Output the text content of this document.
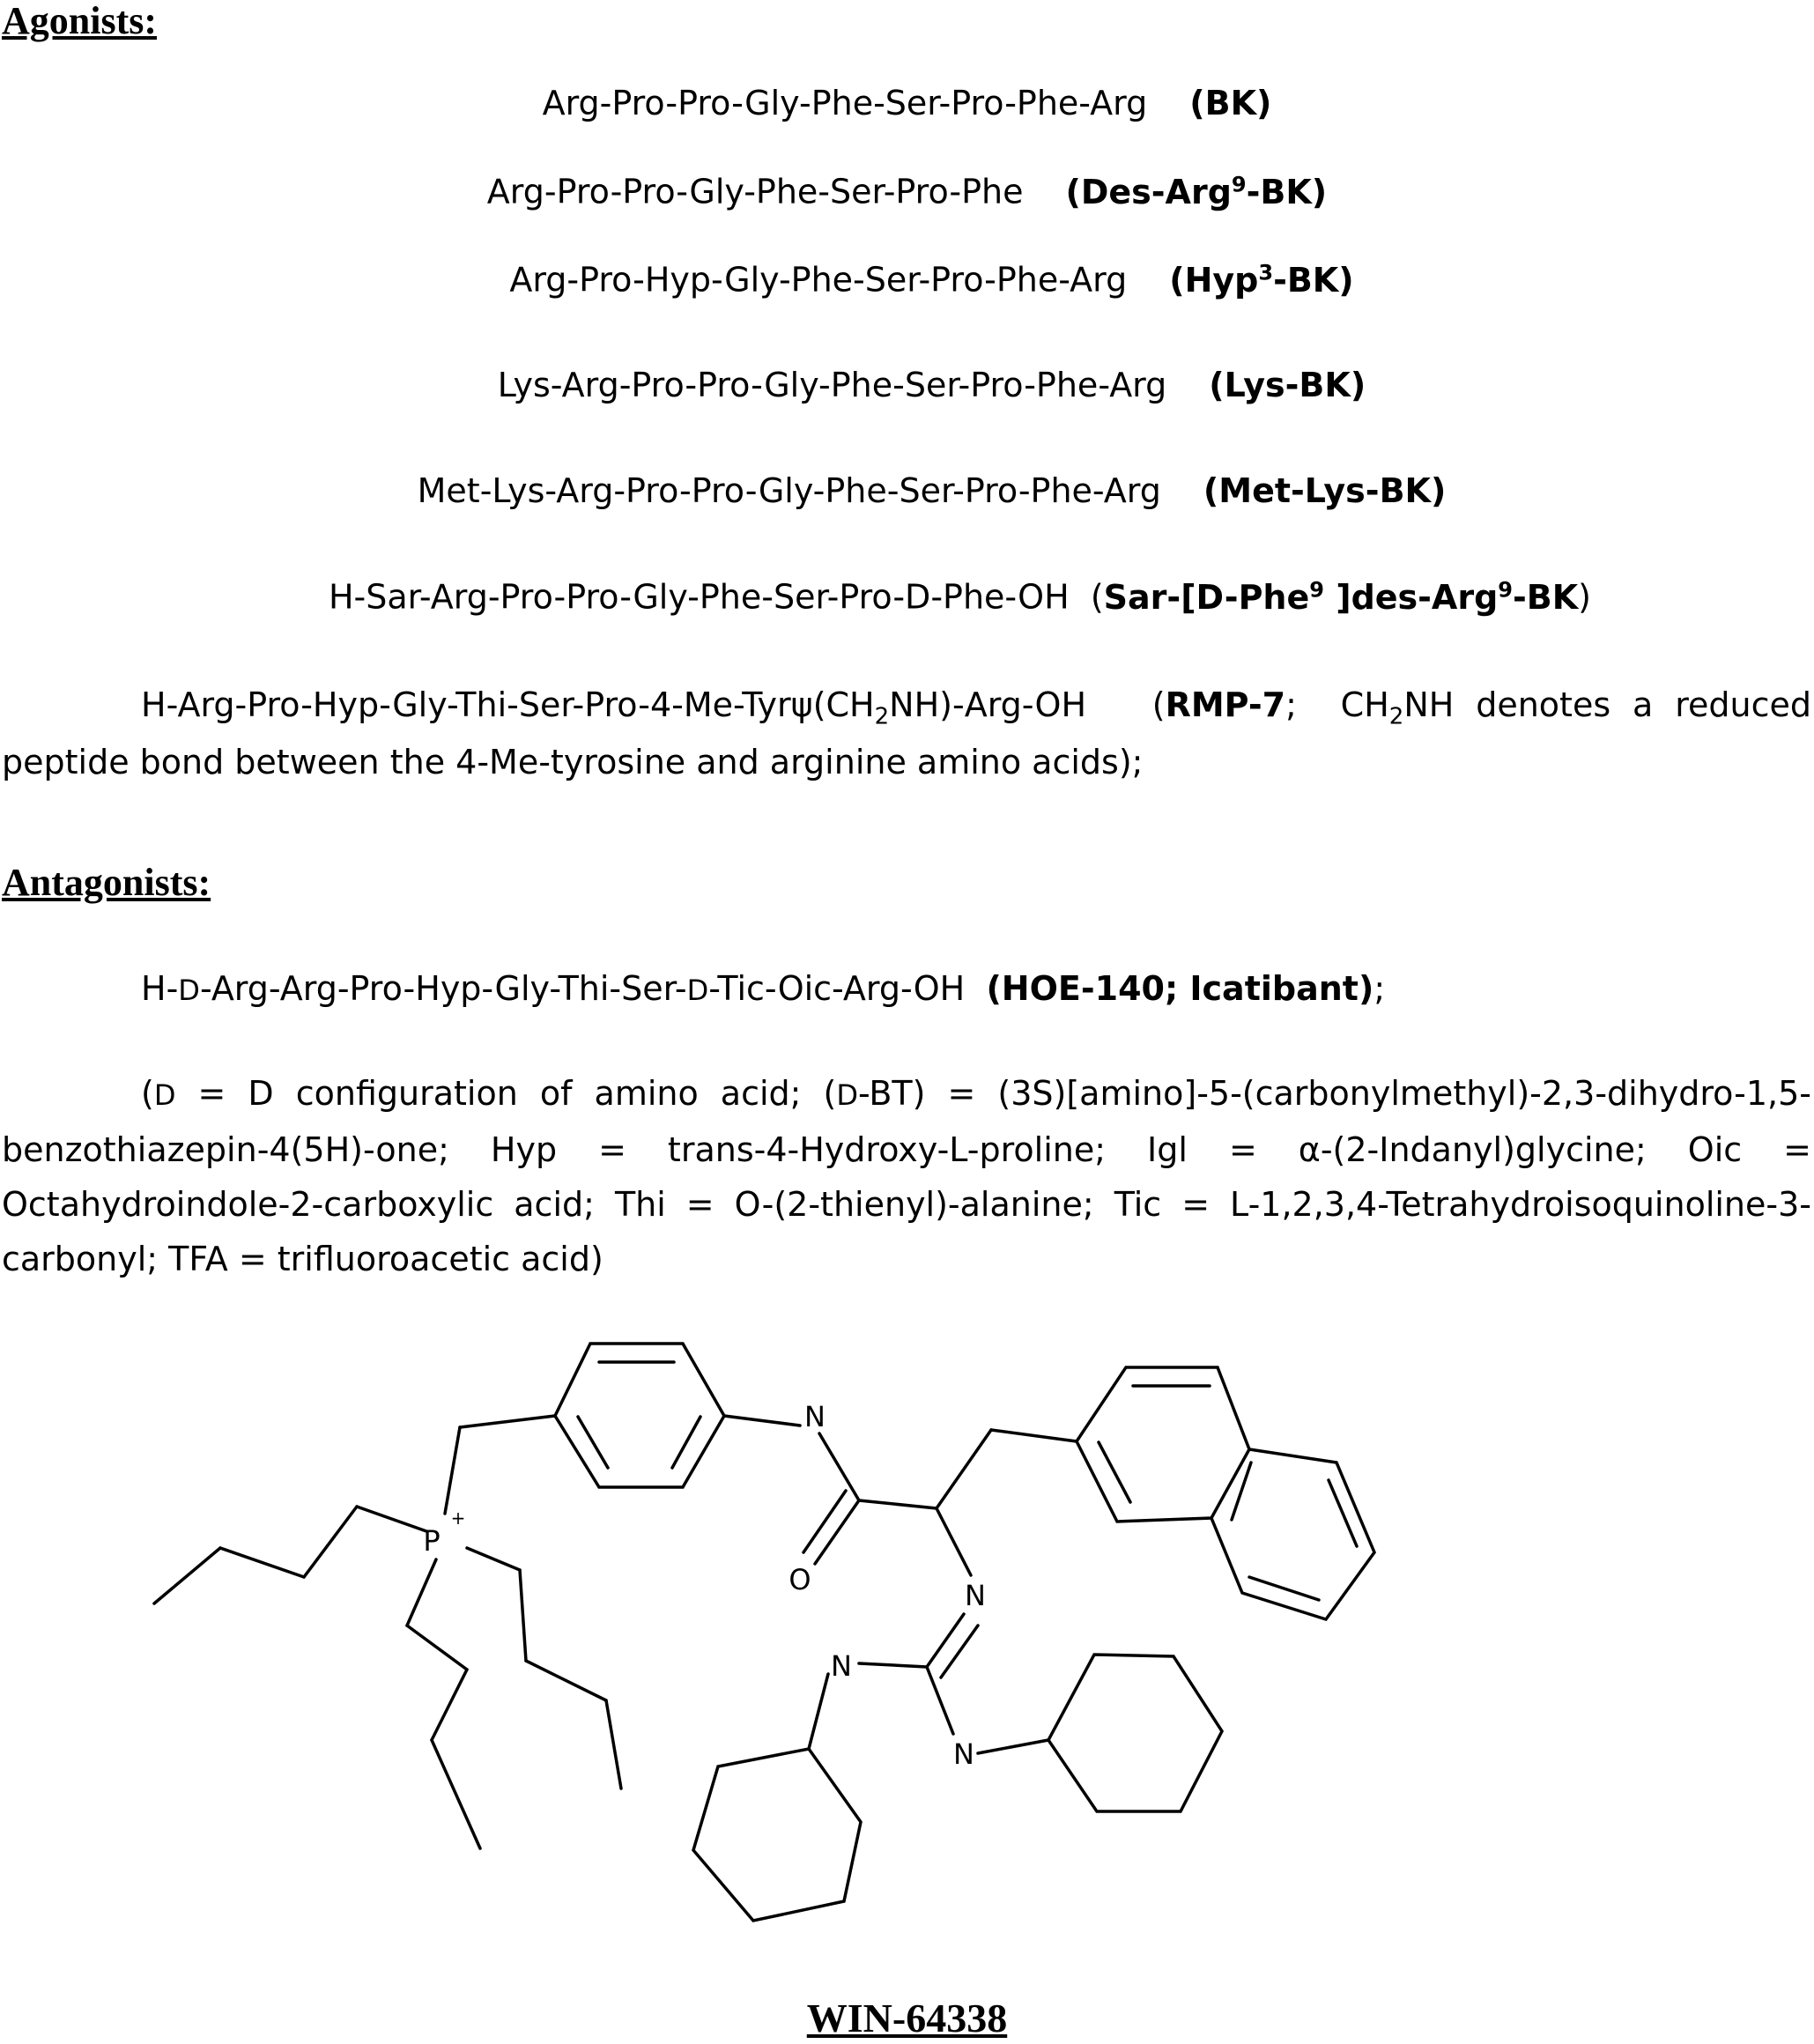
Agonists:
Arg-Pro-Pro-Gly-Phe-Ser-Pro-Phe-Arg (BK)
Arg-Pro-Pro-Gly-Phe-Ser-Pro-Phe (Des-Arg$^9$-BK)
Arg-Pro-Hyp-Gly-Phe-Ser-Pro-Phe-Arg (Hyp$^3$-BK)
Lys-Arg-Pro-Pro-Gly-Phe-Ser-Pro-Phe-Arg (Lys-BK)
Met-Lys-Arg-Pro-Pro-Gly-Phe-Ser-Pro-Phe-Arg (Met-Lys-BK)
H-Sar-Arg-Pro-Pro-Gly-Phe-Ser-Pro-D-Phe-OH (Sar-[D-Phe$^9$ ]des-Arg$^9$-BK)

$H-Arg-Pro-Hyp-Gly-Thi-Ser-Pro-4-Me-Tyr\psi(CH_2NH)-Arg-OH$ (RMP-7; $CH_2NH$ denotes a reduced peptide bond between the 4-Me-tyrosine and arginine amino acids);

Antagonists:

H-D-Arg-Arg-Pro-Hyp-Gly-Thi-Ser-D-Tic-Oic-Arg-OH (HOE-140; Icatibant);

(D = D configuration of amino acid; (D-BT) = (3S)[amino]-5-(carbonylmethyl)-2,3-dihydro-1,5-benzothiazepin-4(5H)-one; Hyp = trans-4-Hydroxy-L-proline; Igl = α-(2-Indanyl)glycine; Oic = Octahydroindole-2-carboxylic acid; Thi = O-(2-thienyl)-alanine; Tic = L-1,2,3,4-Tetrahydroisoquinoline-3-carbonyl; TFA = trifluoroacetic acid)

P
+
N
O	N
N
N
WIN-64338
